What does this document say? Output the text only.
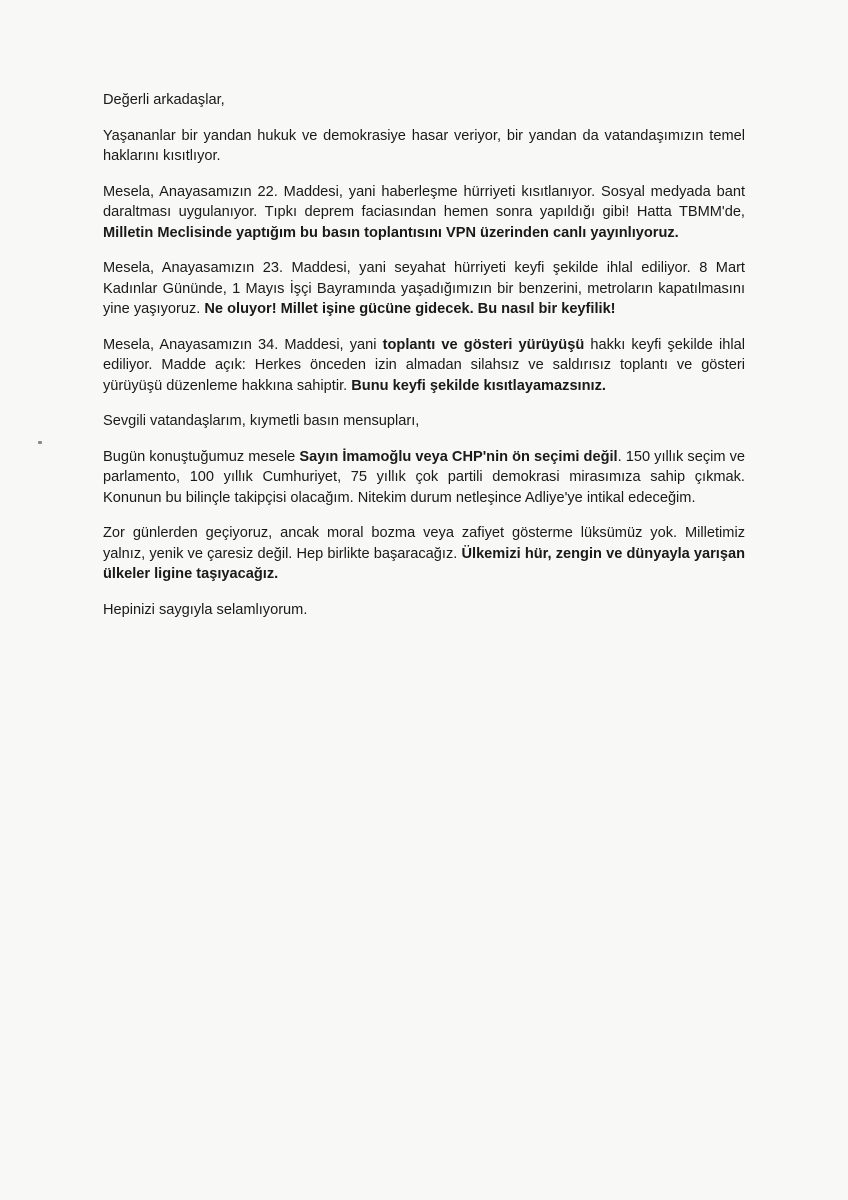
Değerli arkadaşlar,

Yaşananlar bir yandan hukuk ve demokrasiye hasar veriyor, bir yandan da vatandaşımızın temel haklarını kısıtlıyor.

Mesela, Anayasamızın 22. Maddesi, yani haberleşme hürriyeti kısıtlanıyor. Sosyal medyada bant daraltması uygulanıyor. Tıpkı deprem faciasından hemen sonra yapıldığı gibi! Hatta TBMM'de, Milletin Meclisinde yaptığım bu basın toplantısını VPN üzerinden canlı yayınlıyoruz.

Mesela, Anayasamızın 23. Maddesi, yani seyahat hürriyeti keyfi şekilde ihlal ediliyor. 8 Mart Kadınlar Gününde, 1 Mayıs İşçi Bayramında yaşadığımızın bir benzerini, metroların kapatılmasını yine yaşıyoruz. Ne oluyor! Millet işine gücüne gidecek. Bu nasıl bir keyfilik!

Mesela, Anayasamızın 34. Maddesi, yani toplantı ve gösteri yürüyüşü hakkı keyfi şekilde ihlal ediliyor. Madde açık: Herkes önceden izin almadan silahsız ve saldırısız toplantı ve gösteri yürüyüşü düzenleme hakkına sahiptir. Bunu keyfi şekilde kısıtlayamazsınız.

Sevgili vatandaşlarım, kıymetli basın mensupları,

Bugün konuştuğumuz mesele Sayın İmamoğlu veya CHP'nin ön seçimi değil. 150 yıllık seçim ve parlamento, 100 yıllık Cumhuriyet, 75 yıllık çok partili demokrasi mirasımıza sahip çıkmak. Konunun bu bilinçle takipçisi olacağım. Nitekim durum netleşince Adliye'ye intikal edeceğim.

Zor günlerden geçiyoruz, ancak moral bozma veya zafiyet gösterme lüksümüz yok. Milletimiz yalnız, yenik ve çaresiz değil. Hep birlikte başaracağız. Ülkemizi hür, zengin ve dünyayla yarışan ülkeler ligine taşıyacağız.

Hepinizi saygıyla selamlıyorum.
